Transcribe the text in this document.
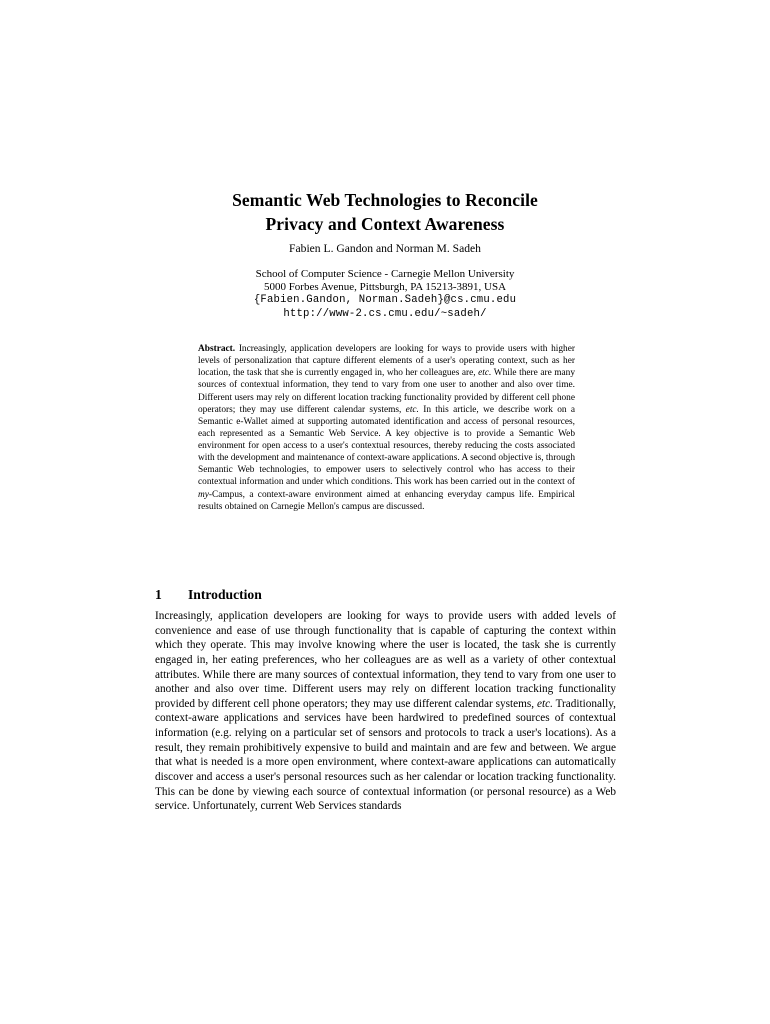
Semantic Web Technologies to Reconcile
Privacy and Context Awareness
Fabien L. Gandon and Norman M. Sadeh
School of Computer Science - Carnegie Mellon University
5000 Forbes Avenue, Pittsburgh, PA 15213-3891, USA
{Fabien.Gandon, Norman.Sadeh}@cs.cmu.edu
http://www-2.cs.cmu.edu/~sadeh/
Abstract. Increasingly, application developers are looking for ways to provide users with higher levels of personalization that capture different elements of a user's operating context, such as her location, the task that she is currently engaged in, who her colleagues are, etc. While there are many sources of contextual information, they tend to vary from one user to another and also over time. Different users may rely on different location tracking functionality provided by different cell phone operators; they may use different calendar systems, etc. In this article, we describe work on a Semantic e-Wallet aimed at supporting automated identification and access of personal resources, each represented as a Semantic Web Service. A key objective is to provide a Semantic Web environment for open access to a user's contextual resources, thereby reducing the costs associated with the development and maintenance of context-aware applications. A second objective is, through Semantic Web technologies, to empower users to selectively control who has access to their contextual information and under which conditions. This work has been carried out in the context of my-Campus, a context-aware environment aimed at enhancing everyday campus life. Empirical results obtained on Carnegie Mellon's campus are discussed.
1 Introduction
Increasingly, application developers are looking for ways to provide users with added levels of convenience and ease of use through functionality that is capable of capturing the context within which they operate. This may involve knowing where the user is located, the task she is currently engaged in, her eating preferences, who her colleagues are as well as a variety of other contextual attributes. While there are many sources of contextual information, they tend to vary from one user to another and also over time. Different users may rely on different location tracking functionality provided by different cell phone operators; they may use different calendar systems, etc. Traditionally, context-aware applications and services have been hardwired to predefined sources of contextual information (e.g. relying on a particular set of sensors and protocols to track a user's locations). As a result, they remain prohibitively expensive to build and maintain and are few and between. We argue that what is needed is a more open environment, where context-aware applications can automatically discover and access a user's personal resources such as her calendar or location tracking functionality. This can be done by viewing each source of contextual information (or personal resource) as a Web service. Unfortunately, current Web Services standards
